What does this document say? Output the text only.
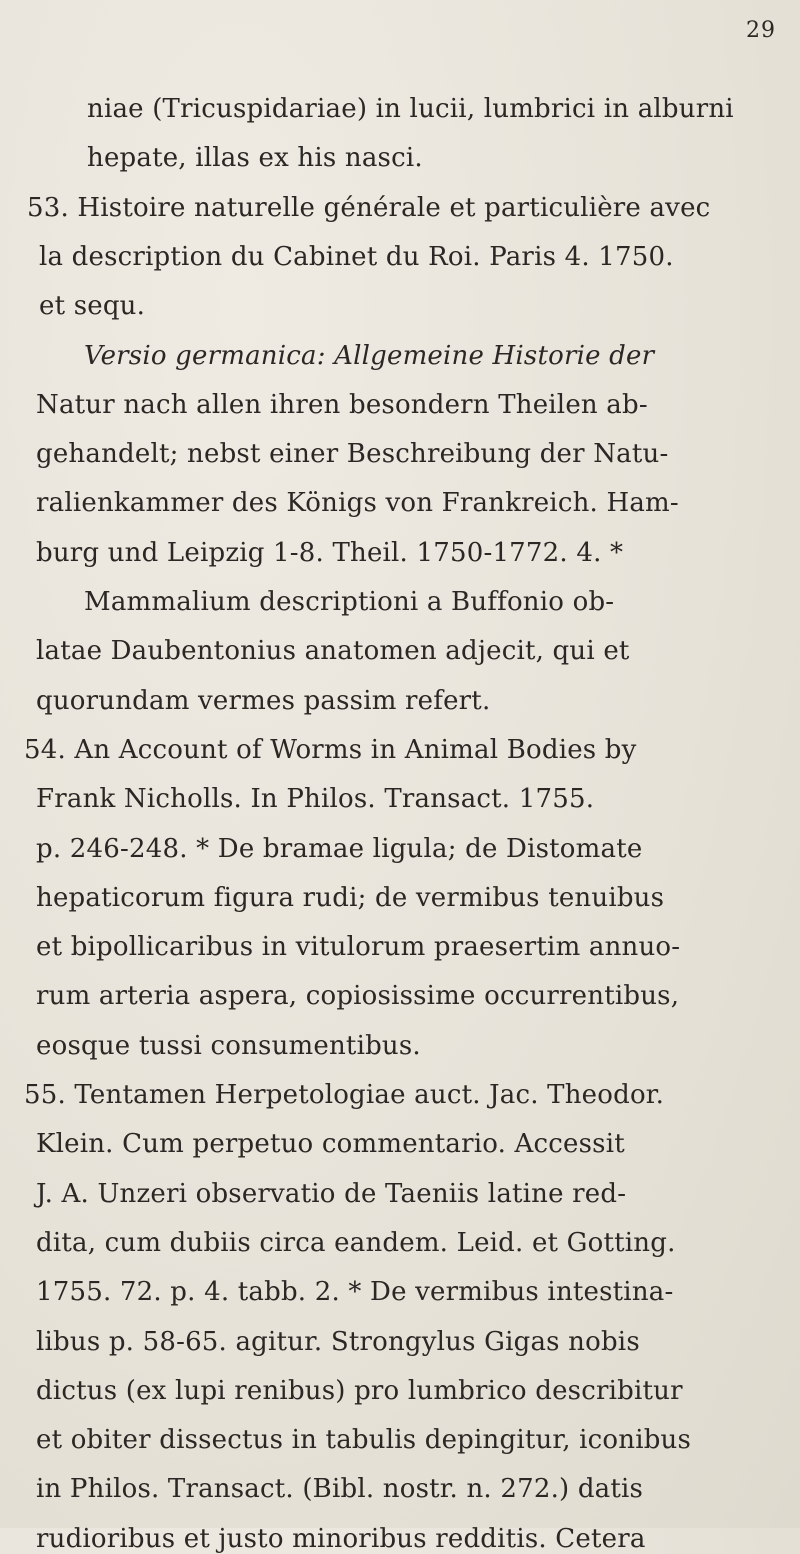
29
niae (Tricuspidariae) in lucii, lumbrici in alburni
hepate, illas ex his nasci.
53. Histoire naturelle générale et particulière avec
la description du Cabinet du Roi. Paris 4. 1750.
et sequ.
Versio germanica: Allgemeine Historie der
Natur nach allen ihren besondern Theilen ab-
gehandelt; nebst einer Beschreibung der Natu-
ralienkammer des Königs von Frankreich. Ham-
burg und Leipzig 1-8. Theil. 1750-1772. 4. *
Mammalium descriptioni a Buffonio ob-
latae Daubentonius anatomen adjecit, qui et
quorundam vermes passim refert.
54. An Account of Worms in Animal Bodies by
Frank Nicholls. In Philos. Transact. 1755.
p. 246-248. * De bramae ligula; de Distomate
hepaticorum figura rudi; de vermibus tenuibus
et bipollicaribus in vitulorum praesertim annuo-
rum arteria aspera, copiosissime occurrentibus,
eosque tussi consumentibus.
55. Tentamen Herpetologiae auct. Jac. Theodor.
Klein. Cum perpetuo commentario. Accessit
J. A. Unzeri observatio de Taeniis latine red-
dita, cum dubiis circa eandem. Leid. et Gotting.
1755. 72. p. 4. tabb. 2. * De vermibus intestina-
libus p. 58-65. agitur. Strongylus Gigas nobis
dictus (ex lupi renibus) pro lumbrico describitur
et obiter dissectus in tabulis depingitur, iconibus
in Philos. Transact. (Bibl. nostr. n. 272.) datis
rudioribus et justo minoribus redditis. Cetera
